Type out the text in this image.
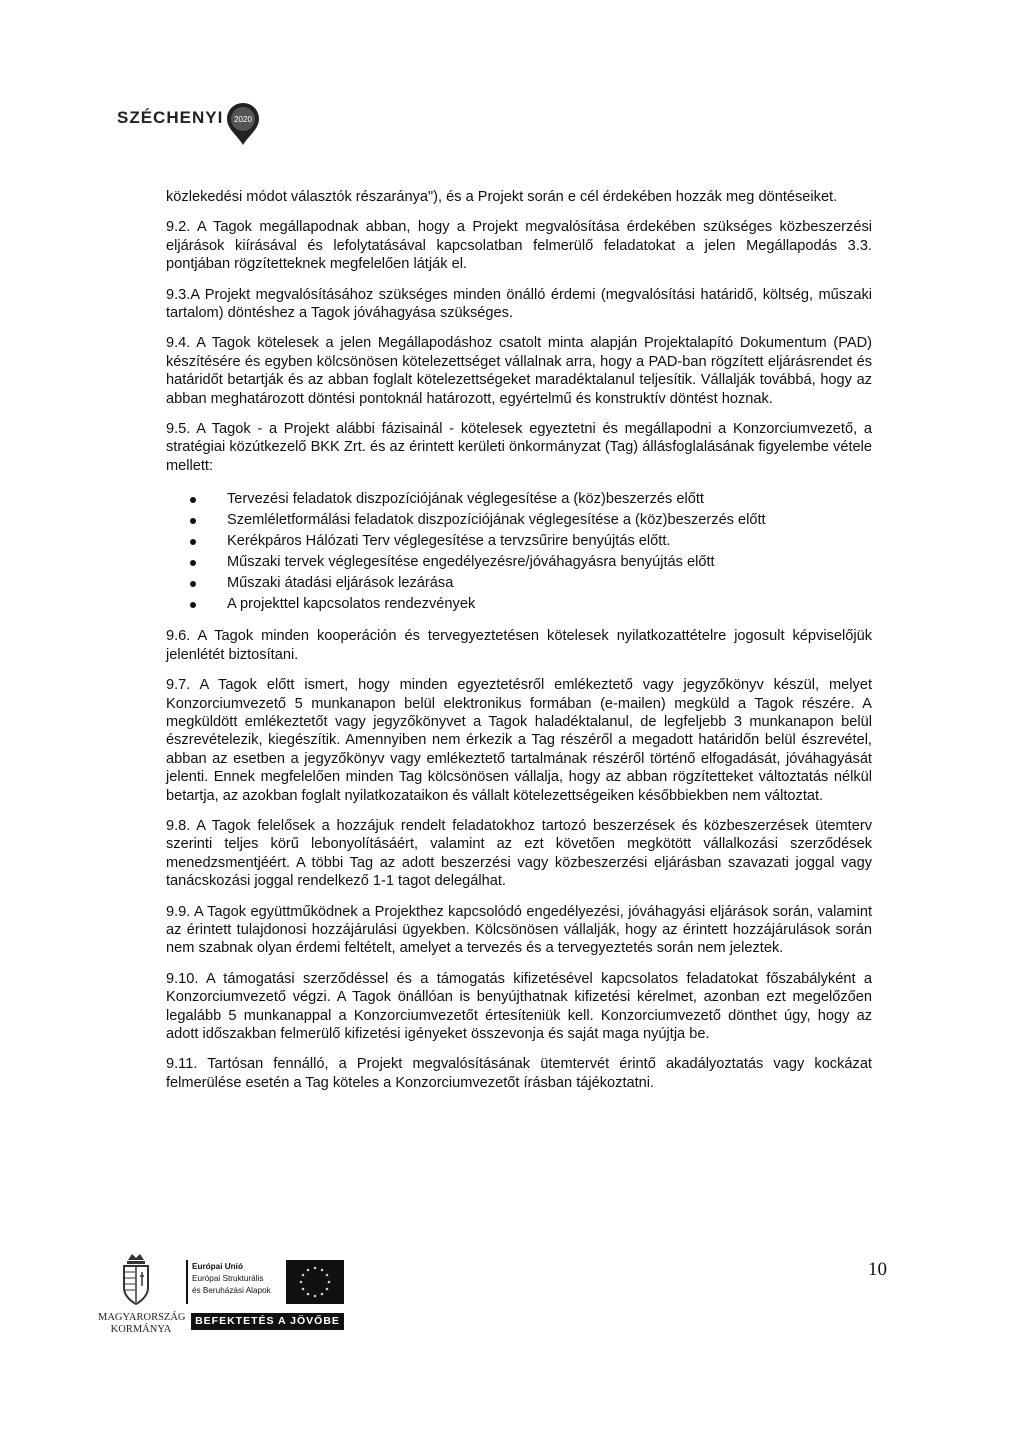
SZÉCHENYI 2020

közlekedési módot választók részaránya"), és a Projekt során e cél érdekében hozzák meg döntéseiket.

9.2. A Tagok megállapodnak abban, hogy a Projekt megvalósítása érdekében szükséges közbeszerzési eljárások kiírásával és lefolytatásával kapcsolatban felmerülő feladatokat a jelen Megállapodás 3.3. pontjában rögzítetteknek megfelelően látják el.

9.3.A Projekt megvalósításához szükséges minden önálló érdemi (megvalósítási határidő, költség, műszaki tartalom) döntéshez a Tagok jóváhagyása szükséges.

9.4. A Tagok kötelesek a jelen Megállapodáshoz csatolt minta alapján Projektalapító Dokumentum (PAD) készítésére és egyben kölcsönösen kötelezettséget vállalnak arra, hogy a PAD-ban rögzített eljárásrendet és határidőt betartják és az abban foglalt kötelezettségeket maradéktalanul teljesítik. Vállalják továbbá, hogy az abban meghatározott döntési pontoknál határozott, egyértelmű és konstruktív döntést hoznak.

9.5. A Tagok - a Projekt alábbi fázisainál - kötelesek egyeztetni és megállapodni a Konzorciumvezető, a stratégiai közútkezelő BKK Zrt. és az érintett kerületi önkormányzat (Tag) állásfoglalásának figyelembe vétele mellett:

Tervezési feladatok diszpozíciójának véglegesítése a (köz)beszerzés előtt
Szemléletformálási feladatok diszpozíciójának véglegesítése a (köz)beszerzés előtt
Kerékpáros Hálózati Terv véglegesítése a tervzsűrire benyújtás előtt.
Műszaki tervek véglegesítése engedélyezésre/jóváhagyásra benyújtás előtt
Műszaki átadási eljárások lezárása
A projekttel kapcsolatos rendezvények

9.6. A Tagok minden kooperáción és tervegyeztetésen kötelesek nyilatkozattételre jogosult képviselőjük jelenlétét biztosítani.

9.7. A Tagok előtt ismert, hogy minden egyeztetésről emlékeztető vagy jegyzőkönyv készül, melyet Konzorciumvezető 5 munkanapon belül elektronikus formában (e-mailen) megküld a Tagok részére. A megküldött emlékeztetőt vagy jegyzőkönyvet a Tagok haladéktalanul, de legfeljebb 3 munkanapon belül észrevételezik, kiegészítik. Amennyiben nem érkezik a Tag részéről a megadott határidőn belül észrevétel, abban az esetben a jegyzőkönyv vagy emlékeztető tartalmának részéről történő elfogadását, jóváhagyását jelenti. Ennek megfelelően minden Tag kölcsönösen vállalja, hogy az abban rögzítetteket változtatás nélkül betartja, az azokban foglalt nyilatkozataikon és vállalt kötelezettségeiken későbbiekben nem változtat.

9.8. A Tagok felelősek a hozzájuk rendelt feladatokhoz tartozó beszerzések és közbeszerzések ütemterv szerinti teljes körű lebonyolításáért, valamint az ezt követően megkötött vállalkozási szerződések menedzsmentjéért. A többi Tag az adott beszerzési vagy közbeszerzési eljárásban szavazati joggal vagy tanácskozási joggal rendelkező 1-1 tagot delegálhat.

9.9. A Tagok együttműködnek a Projekthez kapcsolódó engedélyezési, jóváhagyási eljárások során, valamint az érintett tulajdonosi hozzájárulási ügyekben. Kölcsönösen vállalják, hogy az érintett hozzájárulások során nem szabnak olyan érdemi feltételt, amelyet a tervezés és a tervegyeztetés során nem jeleztek.

9.10. A támogatási szerződéssel és a támogatás kifizetésével kapcsolatos feladatokat főszabályként a Konzorciumvezető végzi. A Tagok önállóan is benyújthatnak kifizetési kérelmet, azonban ezt megelőzően legalább 5 munkanappal a Konzorciumvezetőt értesíteniük kell. Konzorciumvezető dönthet úgy, hogy az adott időszakban felmerülő kifizetési igényeket összevonja és saját maga nyújtja be.

9.11. Tartósan fennálló, a Projekt megvalósításának ütemtervét érintő akadályoztatás vagy kockázat felmerülése esetén a Tag köteles a Konzorciumvezetőt írásban tájékoztatni.

MAGYARORSZÁG
KORMÁNYA
Európai Unió
Európai Strukturális
és Beruházási Alapok
BEFEKTETÉS A JÖVŐBE
10
